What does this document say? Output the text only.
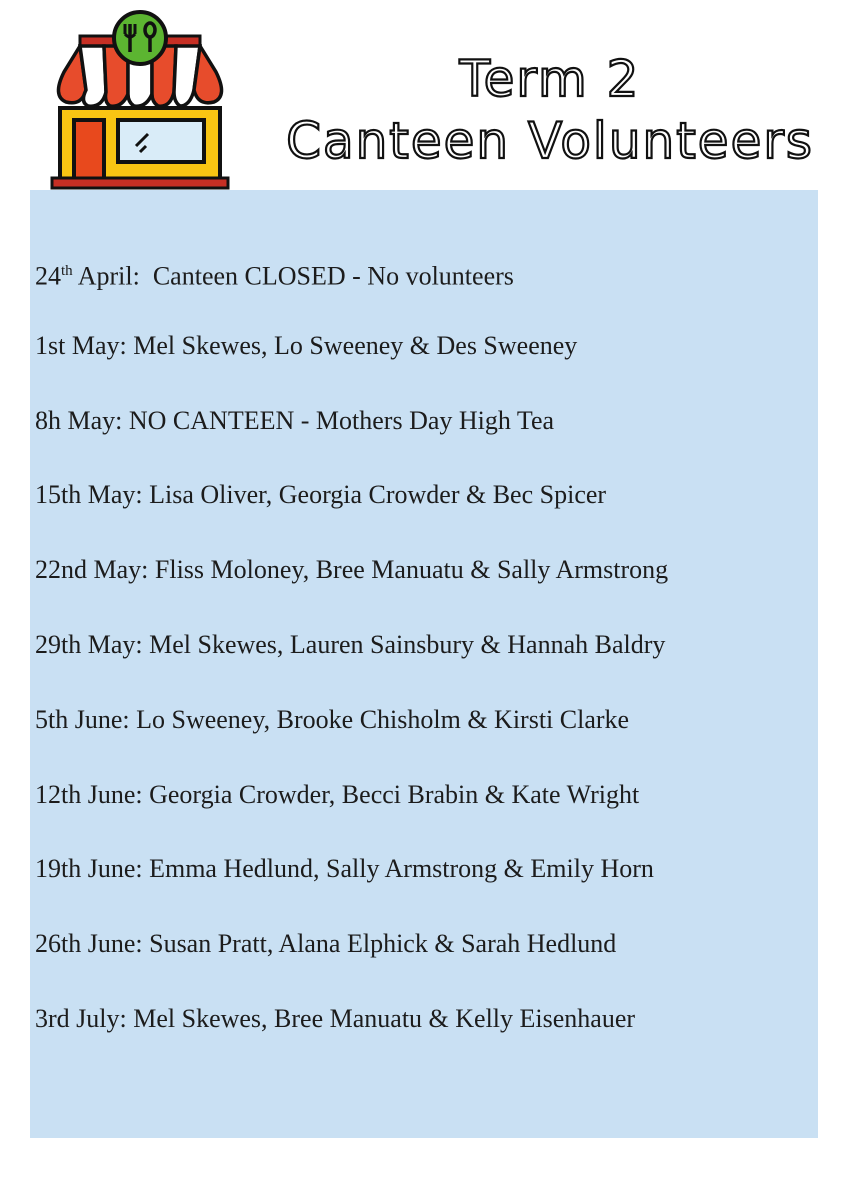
Term 2
Canteen Volunteers
24th April:  Canteen CLOSED - No volunteers
1st May: Mel Skewes, Lo Sweeney & Des Sweeney
8h May: NO CANTEEN - Mothers Day High Tea
15th May: Lisa Oliver, Georgia Crowder & Bec Spicer
22nd May: Fliss Moloney, Bree Manuatu & Sally Armstrong
29th May: Mel Skewes, Lauren Sainsbury & Hannah Baldry
5th June: Lo Sweeney, Brooke Chisholm & Kirsti Clarke
12th June: Georgia Crowder, Becci Brabin & Kate Wright
19th June: Emma Hedlund, Sally Armstrong & Emily Horn
26th June: Susan Pratt, Alana Elphick & Sarah Hedlund
3rd July: Mel Skewes, Bree Manuatu & Kelly Eisenhauer
